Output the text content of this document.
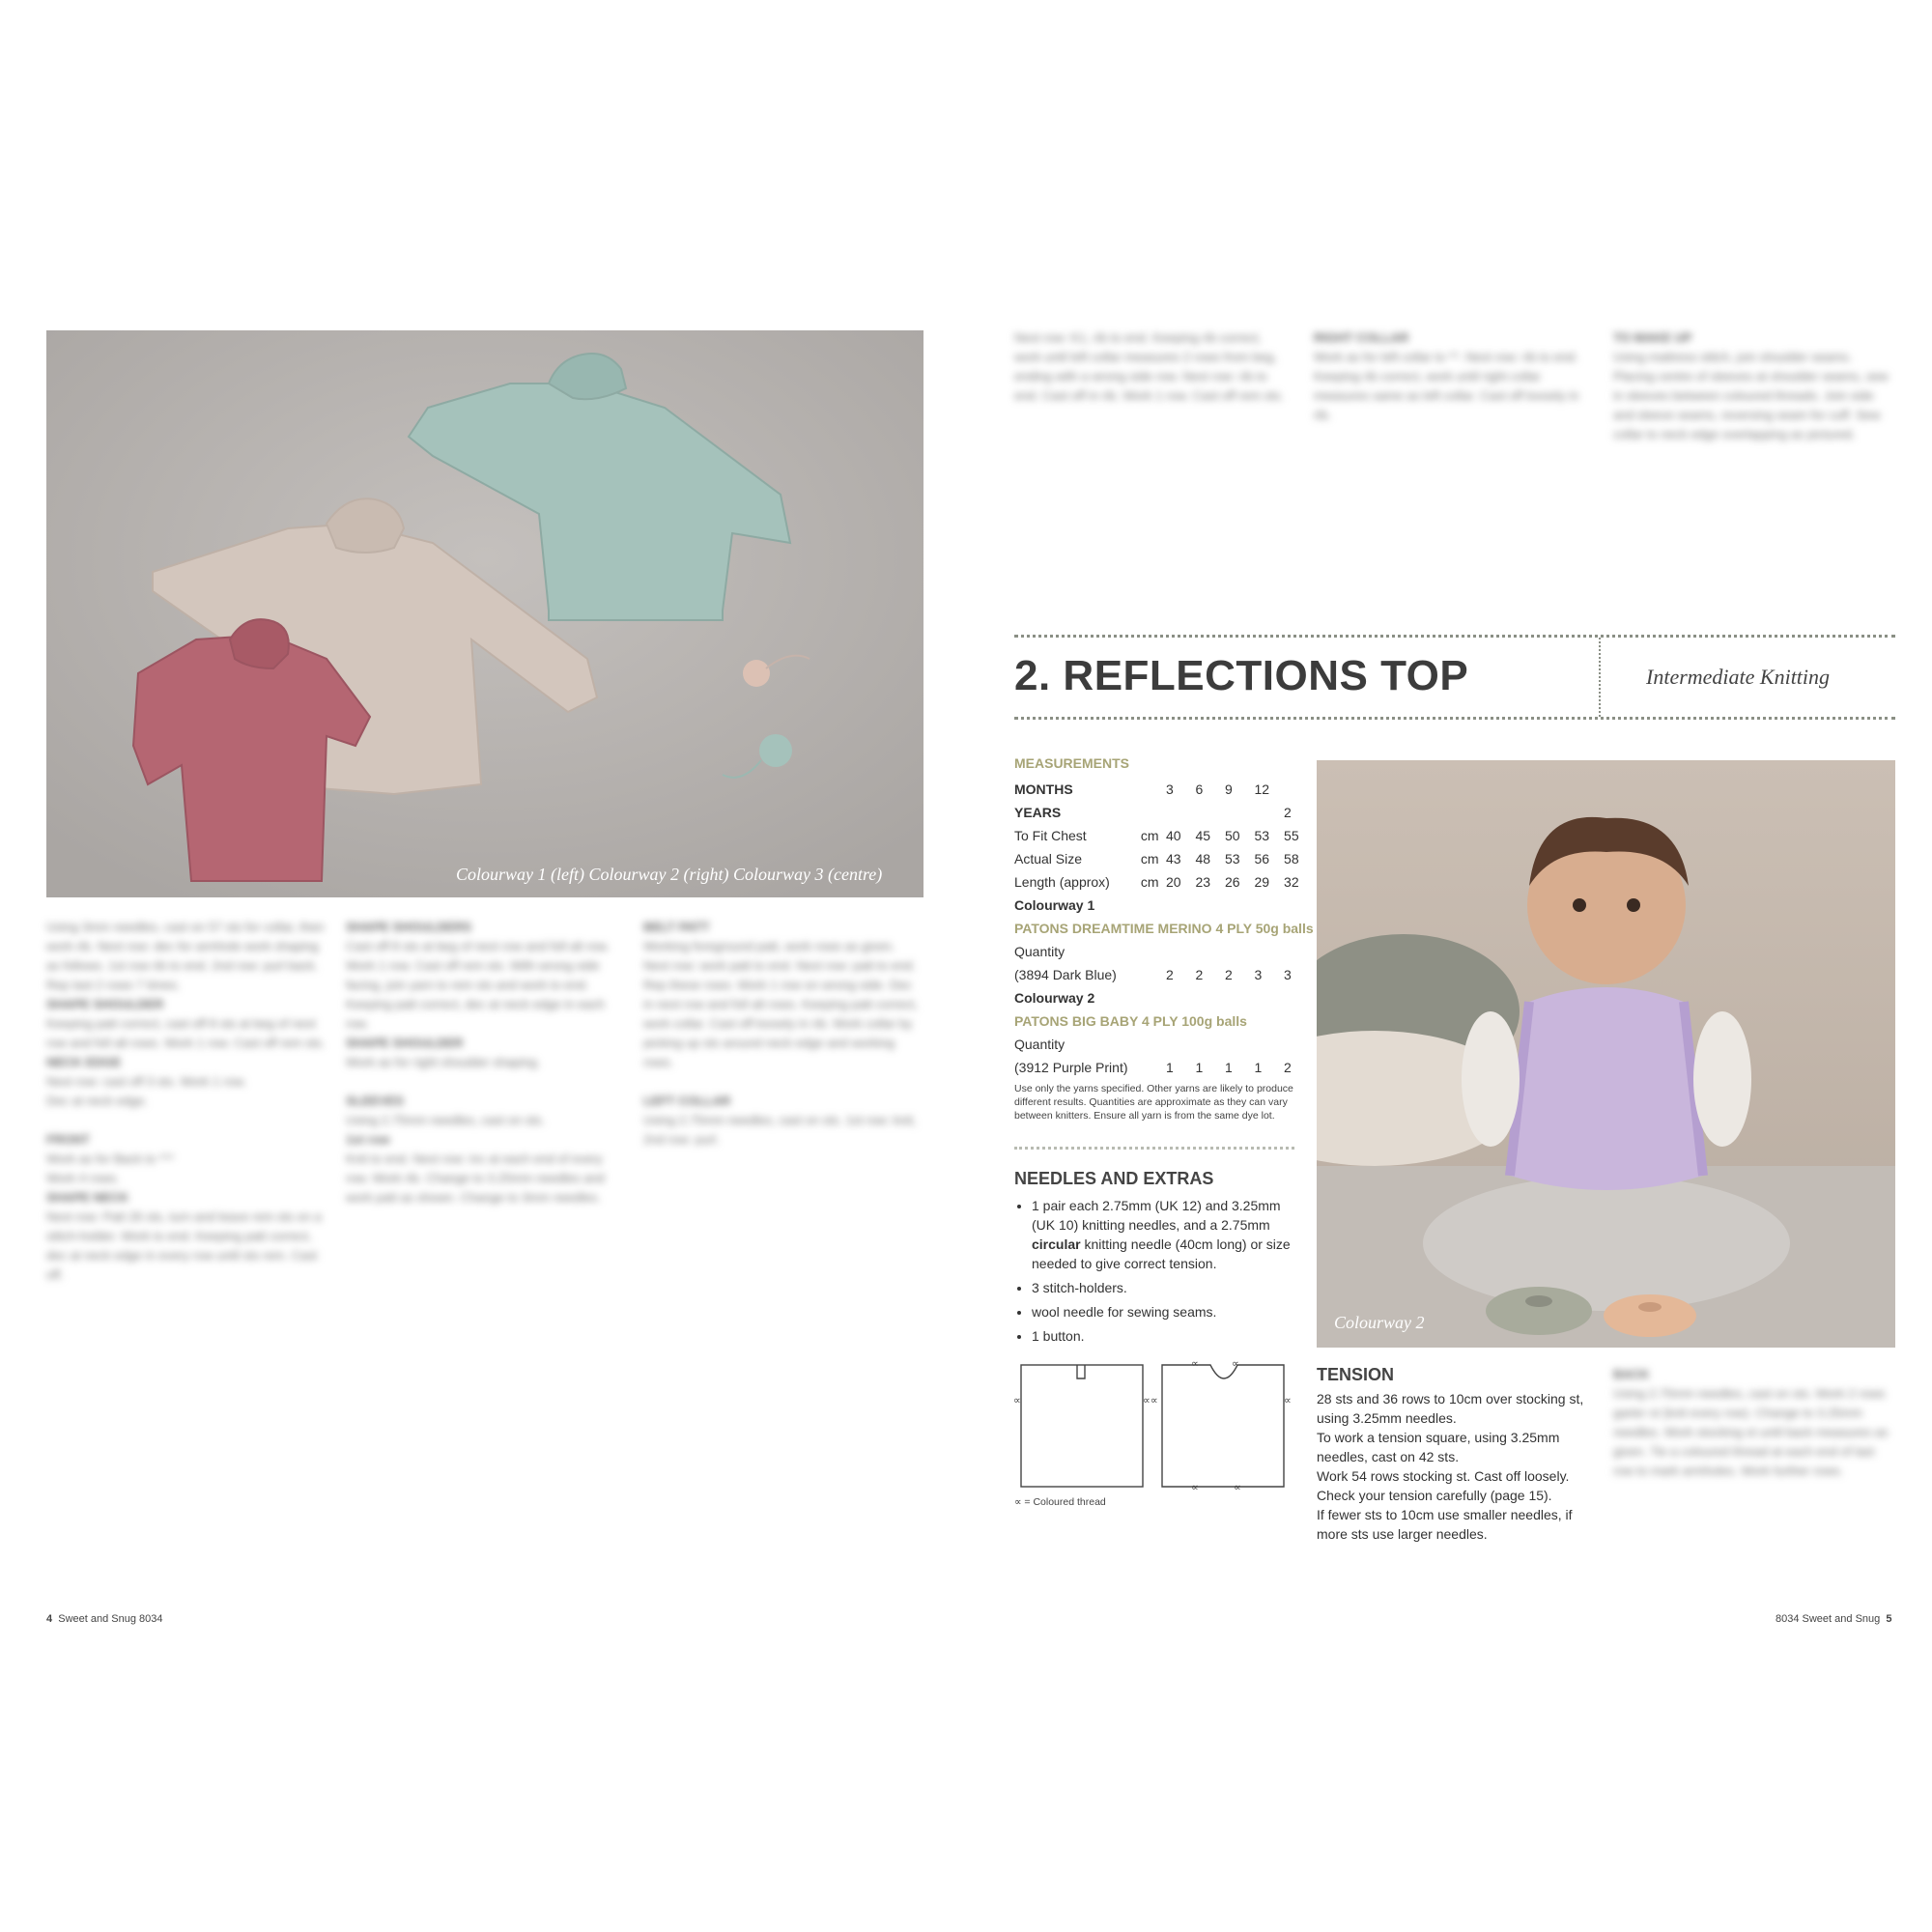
Colourway 1 (left) Colourway 2 (right) Colourway 3 (centre)
Using 3mm needles, cast on 57 sts for collar, then work rib. Next row: dec for armhole work shaping as follows. 1st row rib to end. 2nd row: purl back. Rep last 2 rows 7 times.
SHAPE SHOULDER
Keeping patt correct, cast off 8 sts at beg of next row and foll alt rows. Work 1 row. Cast off rem sts.
NECK EDGE
Next row: cast off 3 sts. Work 1 row.
Dec at neck edge.

FRONT
Work as for Back to ***
Work 4 rows.
SHAPE NECK
Next row: Patt 26 sts, turn and leave rem sts on a stitch-holder. Work to end. Keeping patt correct, dec at neck edge in every row until sts rem. Cast off.
SHAPE SHOULDERS
Cast off 8 sts at beg of next row and foll alt row. Work 1 row. Cast off rem sts. With wrong side facing, join yarn to rem sts and work to end. Keeping patt correct, dec at neck edge in each row.
SHAPE SHOULDER
Work as for right shoulder shaping.

SLEEVES
Using 2.75mm needles, cast on sts.
1st row
Knit to end. Next row: inc at each end of every row. Work rib. Change to 3.25mm needles and work patt as shown. Change to 3mm needles.
BELT PATT
Working foreground patt, work rows as given. Next row: work patt to end. Next row: patt to end. Rep these rows. Work 1 row on wrong side. Dec in next row and foll alt rows. Keeping patt correct, work collar. Cast off loosely in rib. Work collar by picking up sts around neck edge and working rows.

LEFT COLLAR
Using 2.75mm needles, cast on sts. 1st row: knit, 2nd row: purl.
4 Sweet and Snug 8034
Next row: K1, rib to end. Keeping rib correct, work until left collar measures 2 rows from beg, ending with a wrong side row. Next row: rib to end. Cast off in rib. Work 1 row. Cast off rem sts.
RIGHT COLLAR
Work as for left collar to **. Next row: rib to end. Keeping rib correct, work until right collar measures same as left collar. Cast off loosely in rib.
TO MAKE UP
Using mattress stitch, join shoulder seams. Placing centre of sleeves at shoulder seams, sew in sleeves between coloured threads. Join side and sleeve seams, reversing seam for cuff. Sew collar to neck edge overlapping as pictured.
2. REFLECTIONS TOP	Intermediate Knitting
MEASUREMENTS
MONTHS		3	6	9	12	
YEARS						2
To Fit Chest	cm	40	45	50	53	55
Actual Size	cm	43	48	53	56	58
Length (approx)	cm	20	23	26	29	32
Colourway 1						
PATONS DREAMTIME MERINO 4 PLY 50g balls						
Quantity						
(3894 Dark Blue)		2	2	2	3	3
Colourway 2						
PATONS BIG BABY 4 PLY 100g balls						
Quantity						
(3912 Purple Print)		1	1	1	1	2
Use only the yarns specified. Other yarns are likely to produce different results. Quantities are approximate as they can vary between knitters. Ensure all yarn is from the same dye lot.
NEEDLES AND EXTRAS
• 1 pair each 2.75mm (UK 12) and 3.25mm (UK 10) knitting needles, and a 2.75mm circular knitting needle (40cm long) or size needed to give correct tension.
• 3 stitch-holders.
• wool needle for sewing seams.
• 1 button.
∝	∝∝	∝
∝	∝
∝	∝
∝ = Coloured thread
Colourway 2
TENSION
28 sts and 36 rows to 10cm over stocking st, using 3.25mm needles.
To work a tension square, using 3.25mm needles, cast on 42 sts.
Work 54 rows stocking st. Cast off loosely.
Check your tension carefully (page 15).
If fewer sts to 10cm use smaller needles, if more sts use larger needles.
BACK
Using 2.75mm needles, cast on sts. Work 2 rows garter st (knit every row). Change to 3.25mm needles. Work stocking st until back measures as given. Tie a coloured thread at each end of last row to mark armholes. Work further rows.
8034 Sweet and Snug 5
